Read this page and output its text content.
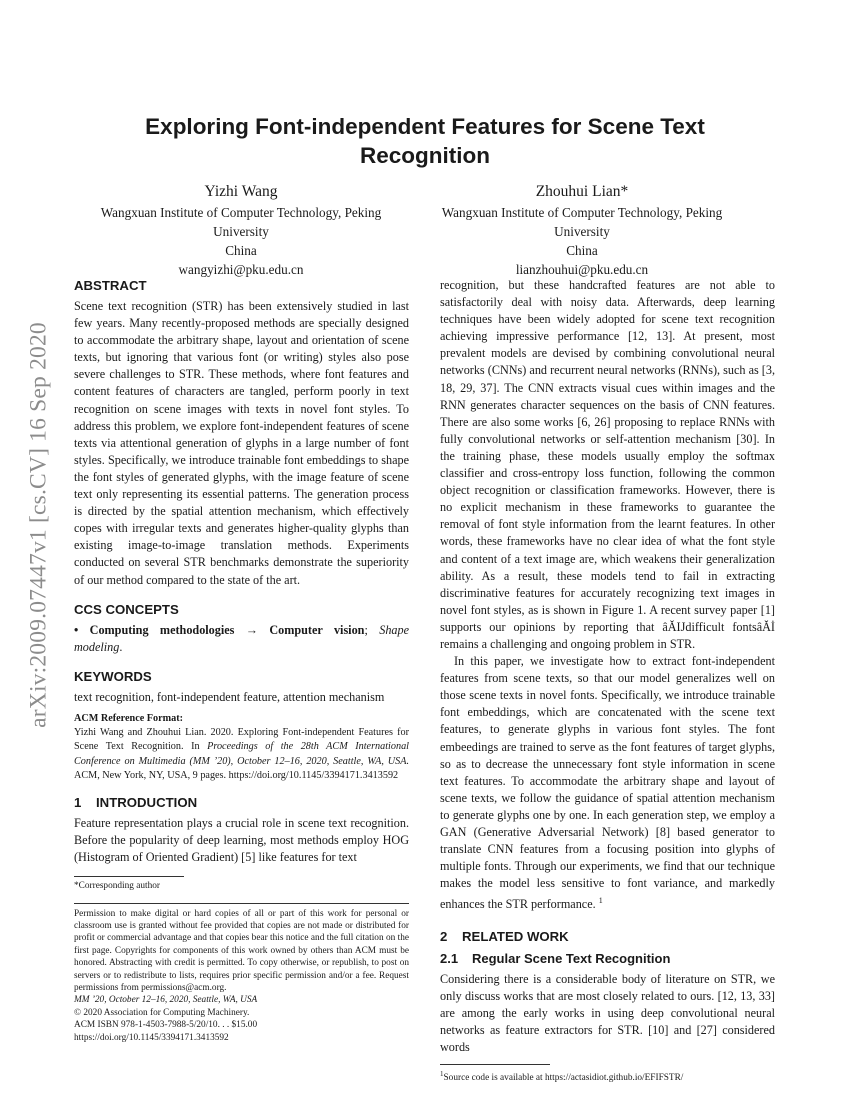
arXiv:2009.07447v1 [cs.CV] 16 Sep 2020
Exploring Font-independent Features for Scene Text
Recognition
Yizhi Wang
Wangxuan Institute of Computer Technology, Peking
University
China
wangyizhi@pku.edu.cn
Zhouhui Lian*
Wangxuan Institute of Computer Technology, Peking
University
China
lianzhouhui@pku.edu.cn
ABSTRACT

Scene text recognition (STR) has been extensively studied in last few years. Many recently-proposed methods are specially designed to accommodate the arbitrary shape, layout and orientation of scene texts, but ignoring that various font (or writing) styles also pose severe challenges to STR. These methods, where font features and content features of characters are tangled, perform poorly in text recognition on scene images with texts in novel font styles. To address this problem, we explore font-independent features of scene texts via attentional generation of glyphs in a large number of font styles. Specifically, we introduce trainable font embeddings to shape the font styles of generated glyphs, with the image feature of scene text only representing its essential patterns. The generation process is directed by the spatial attention mechanism, which effectively copes with irregular texts and generates higher-quality glyphs than existing image-to-image translation methods. Experiments conducted on several STR benchmarks demonstrate the superiority of our method compared to the state of the art.

CCS CONCEPTS

• Computing methodologies → Computer vision; Shape modeling.

KEYWORDS

text recognition, font-independent feature, attention mechanism

ACM Reference Format:

Yizhi Wang and Zhouhui Lian. 2020. Exploring Font-independent Features for Scene Text Recognition. In Proceedings of the 28th ACM International Conference on Multimedia (MM ’20), October 12–16, 2020, Seattle, WA, USA. ACM, New York, NY, USA, 9 pages. https://doi.org/10.1145/3394171.3413592

1 INTRODUCTION

Feature representation plays a crucial role in scene text recognition. Before the popularity of deep learning, most methods employ HOG (Histogram of Oriented Gradient) [5] like features for text

*Corresponding author

Permission to make digital or hard copies of all or part of this work for personal or classroom use is granted without fee provided that copies are not made or distributed for profit or commercial advantage and that copies bear this notice and the full citation on the first page. Copyrights for components of this work owned by others than ACM must be honored. Abstracting with credit is permitted. To copy otherwise, or republish, to post on servers or to redistribute to lists, requires prior specific permission and/or a fee. Request permissions from permissions@acm.org.

MM ’20, October 12–16, 2020, Seattle, WA, USA

© 2020 Association for Computing Machinery.

ACM ISBN 978-1-4503-7988-5/20/10. . . $15.00

https://doi.org/10.1145/3394171.3413592

recognition, but these handcrafted features are not able to satisfactorily deal with noisy data. Afterwards, deep learning techniques have been widely adopted for scene text recognition achieving impressive performance [12, 13]. At present, most prevalent models are devised by combining convolutional neural networks (CNNs) and recurrent neural networks (RNNs), such as [3, 18, 29, 37]. The CNN extracts visual cues within images and the RNN generates character sequences on the basis of CNN features. There are also some works [6, 26] proposing to replace RNNs with fully convolutional networks or self-attention mechanism [30]. In the training phase, these models usually employ the softmax classifier and cross-entropy loss function, following the common object recognition or classification frameworks. However, there is no explicit mechanism in these frameworks to guarantee the removal of font style information from the learnt features. In other words, these frameworks have no clear idea of what the font style and content of a text image are, which weakens their generalization ability. As a result, these models tend to fail in extracting discriminative features for accurately recognizing text images in novel font styles, as is shown in Figure 1. A recent survey paper [1] supports our opinions by reporting that âĂIJdifficult fontsâĂİ remains a challenging and ongoing problem in STR.

In this paper, we investigate how to extract font-independent features from scene texts, so that our model generalizes well on those scene texts in novel fonts. Specifically, we introduce trainable font embeddings, which are concatenated with the scene text features, to generate glyphs in various font styles. The font embeedings are trained to serve as the font features of target glyphs, so as to decrease the unnecessary font style information in scene text features. To accommodate the arbitrary shape and layout of scene texts, we follow the guidance of spatial attention mechanism to generate glyphs one by one. In each generation step, we employ a GAN (Generative Adversarial Network) [8] based generator to translate CNN features from a focusing position into glyphs of multiple fonts. Through our experiments, we find that our technique makes the model less sensitive to font variance, and markedly enhances the STR performance. $^1$

2 RELATED WORK
2.1 Regular Scene Text Recognition

Considering there is a considerable body of literature on STR, we only discuss works that are most closely related to ours. [12, 13, 33] are among the early works in using deep convolutional neural networks as feature extractors for STR. [10] and [27] considered words

$^1$Source code is available at https://actasidiot.github.io/EFIFSTR/
